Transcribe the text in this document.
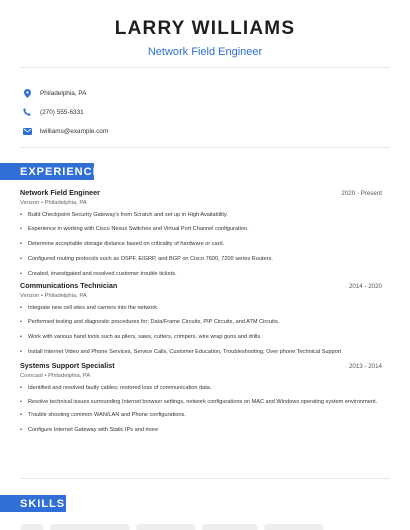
LARRY WILLIAMS
Network Field Engineer
Philadelphia, PA
(270) 555-6331
lwilliams@example.com
EXPERIENCE
Network Field Engineer	2020 - Present
Verizon • Philadelphia, PA
• Build Checkpoint Security Gateway's from Scratch and set up in High Availability.
• Experience in working with Cisco Nexus Switches and Virtual Port Channel configuration.
• Determine acceptable storage distance based on criticality of hardware or card.
• Configured routing protocols such as OSPF, EIGRP, and BGP on Cisco 7600, 7200 series Routers.
• Created, investigated and resolved customer trouble tickets.
Communications Technician	2014 - 2020
Verizon • Philadelphia, PA
• Integrate new cell sites and carriers into the network.
• Performed testing and diagnostic procedures for; Data/Frame Circuits, PIP Circuits, and ATM Circuits.
• Work with various hand tools such as pliers, saws, cutters, crimpers, wire wrap guns and drills.
• Install Internet Video and Phone Services, Service Calls, Customer Education, Troubleshooting, Over phone Technical Support
Systems Support Specialist	2013 - 2014
Comcast • Philadelphia, PA
• Identified and resolved faulty cables; restored loss of communication data.
• Resolve technical issues surrounding Internet browser settings, network configurations on MAC and Windows operating system environment.
• Trouble shooting common WAN/LAN and Phone configurations.
• Configure Internet Gateway with Static IPs and more
SKILLS
